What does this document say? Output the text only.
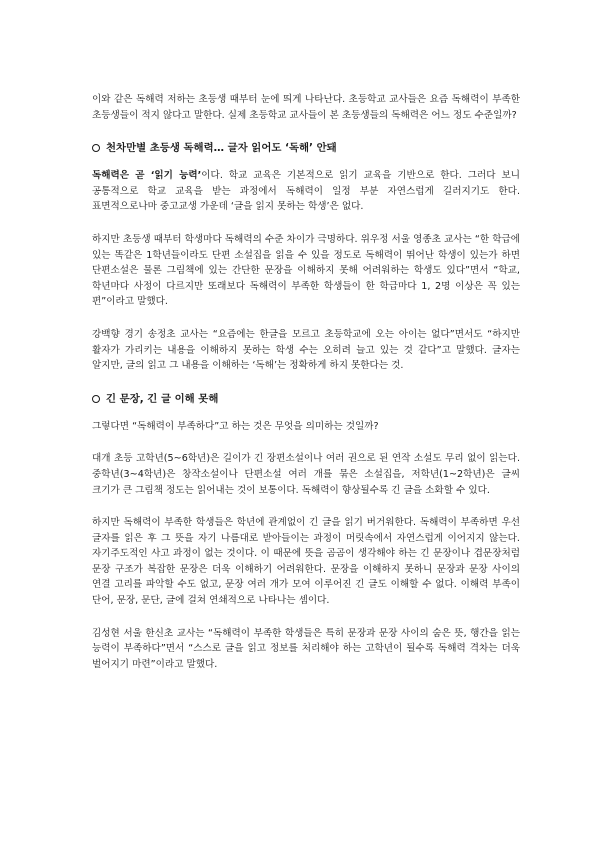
이와 같은 독해력 저하는 초등생 때부터 눈에 띄게 나타난다. 초등학교 교사들은 요즘 독해력이 부족한 초등생들이 적지 않다고 말한다. 실제 초등학교 교사들이 본 초등생들의 독해력은 어느 정도 수준일까?

천차만별 초등생 독해력… 글자 읽어도 ‘독해’ 안돼

독해력은 곧 ‘읽기 능력’이다. 학교 교육은 기본적으로 읽기 교육을 기반으로 한다. 그러다 보니 공통적으로 학교 교육을 받는 과정에서 독해력이 일정 부분 자연스럽게 길러지기도 한다. 표면적으로나마 중고교생 가운데 ‘글을 읽지 못하는 학생’은 없다.

하지만 초등생 때부터 학생마다 독해력의 수준 차이가 극명하다. 위우정 서울 영종초 교사는 “한 학급에 있는 똑같은 1학년들이라도 단편 소설집을 읽을 수 있을 정도로 독해력이 뛰어난 학생이 있는가 하면 단편소설은 물론 그림책에 있는 간단한 문장을 이해하지 못해 어려워하는 학생도 있다”면서 “학교, 학년마다 사정이 다르지만 또래보다 독해력이 부족한 학생들이 한 학급마다 1, 2명 이상은 꼭 있는 편”이라고 말했다.

강백향 경기 송정초 교사는 “요즘에는 한글을 모르고 초등학교에 오는 아이는 없다”면서도 “하지만 활자가 가리키는 내용을 이해하지 못하는 학생 수는 오히려 늘고 있는 것 같다”고 말했다. 글자는 알지만, 글의 읽고 그 내용을 이해하는 ‘독해’는 정확하게 하지 못한다는 것.

긴 문장, 긴 글 이해 못해

그렇다면 “독해력이 부족하다”고 하는 것은 무엇을 의미하는 것일까?

대개 초등 고학년(5~6학년)은 길이가 긴 장편소설이나 여러 권으로 된 연작 소설도 무리 없이 읽는다. 중학년(3~4학년)은 창작소설이나 단편소설 여러 개를 묶은 소설집을, 저학년(1~2학년)은 글씨 크기가 큰 그림책 정도는 읽어내는 것이 보통이다. 독해력이 향상될수록 긴 글을 소화할 수 있다.

하지만 독해력이 부족한 학생들은 학년에 관계없이 긴 글을 읽기 버거워한다. 독해력이 부족하면 우선 글자를 읽은 후 그 뜻을 자기 나름대로 받아들이는 과정이 머릿속에서 자연스럽게 이어지지 않는다. 자기주도적인 사고 과정이 없는 것이다. 이 때문에 뜻을 곰곰이 생각해야 하는 긴 문장이나 겹문장처럼 문장 구조가 복잡한 문장은 더욱 이해하기 어려워한다. 문장을 이해하지 못하니 문장과 문장 사이의 연결 고리를 파악할 수도 없고, 문장 여러 개가 모여 이루어진 긴 글도 이해할 수 없다. 이해력 부족이 단어, 문장, 문단, 글에 걸쳐 연쇄적으로 나타나는 셈이다.

김성현 서울 한신초 교사는 “독해력이 부족한 학생들은 특히 문장과 문장 사이의 숨은 뜻, 행간을 읽는 능력이 부족하다”면서 “스스로 글을 읽고 정보를 처리해야 하는 고학년이 될수록 독해력 격차는 더욱 벌어지기 마련”이라고 말했다.
